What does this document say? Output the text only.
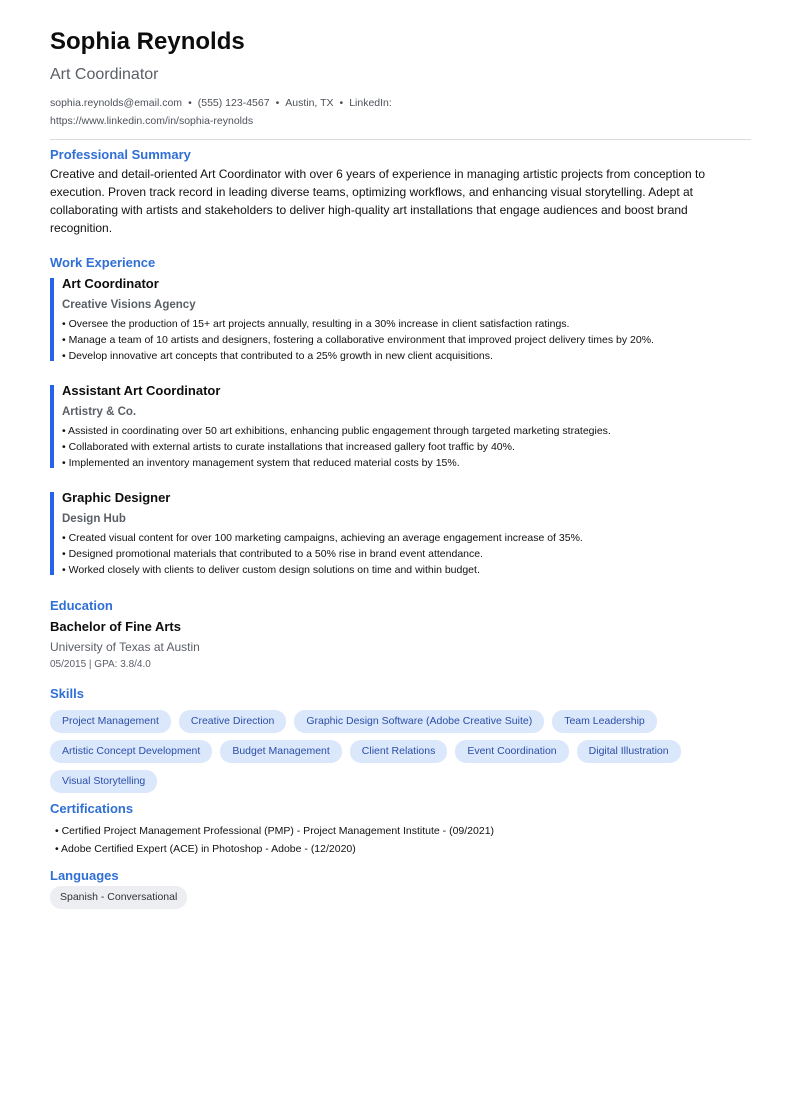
Sophia Reynolds
Art Coordinator
sophia.reynolds@email.com • (555) 123-4567 • Austin, TX • LinkedIn:
https://www.linkedin.com/in/sophia-reynolds
Professional Summary
Creative and detail-oriented Art Coordinator with over 6 years of experience in managing artistic projects from conception to execution. Proven track record in leading diverse teams, optimizing workflows, and enhancing visual storytelling. Adept at collaborating with artists and stakeholders to deliver high-quality art installations that engage audiences and boost brand recognition.
Work Experience
Art Coordinator
Creative Visions Agency
• Oversee the production of 15+ art projects annually, resulting in a 30% increase in client satisfaction ratings.
• Manage a team of 10 artists and designers, fostering a collaborative environment that improved project delivery times by 20%.
• Develop innovative art concepts that contributed to a 25% growth in new client acquisitions.
Assistant Art Coordinator
Artistry & Co.
• Assisted in coordinating over 50 art exhibitions, enhancing public engagement through targeted marketing strategies.
• Collaborated with external artists to curate installations that increased gallery foot traffic by 40%.
• Implemented an inventory management system that reduced material costs by 15%.
Graphic Designer
Design Hub
• Created visual content for over 100 marketing campaigns, achieving an average engagement increase of 35%.
• Designed promotional materials that contributed to a 50% rise in brand event attendance.
• Worked closely with clients to deliver custom design solutions on time and within budget.
Education
Bachelor of Fine Arts
University of Texas at Austin
05/2015 | GPA: 3.8/4.0
Skills
Project Management	Creative Direction	Graphic Design Software (Adobe Creative Suite)	Team Leadership
Artistic Concept Development	Budget Management	Client Relations	Event Coordination	Digital Illustration
Visual Storytelling
Certifications
• Certified Project Management Professional (PMP) - Project Management Institute - (09/2021)
• Adobe Certified Expert (ACE) in Photoshop - Adobe - (12/2020)
Languages
Spanish - Conversational
